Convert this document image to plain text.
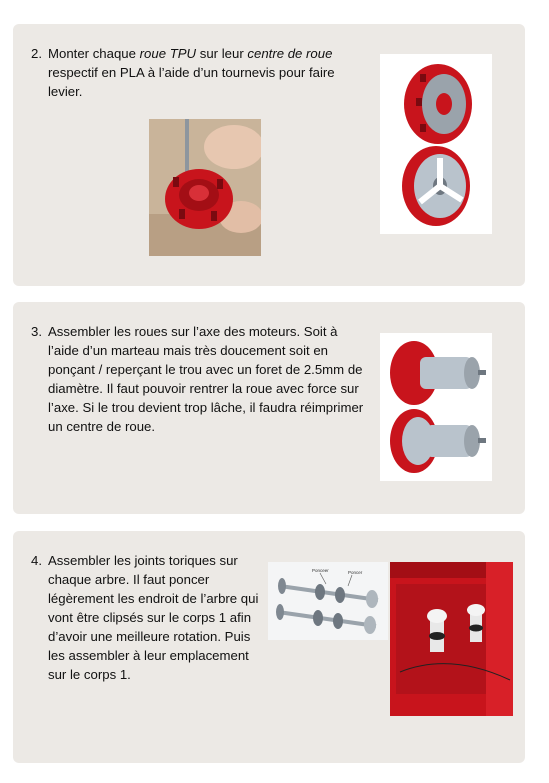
2. Monter chaque roue TPU sur leur centre de roue respectif en PLA à l’aide d’un tournevis pour faire levier.
3. Assembler les roues sur l’axe des moteurs. Soit à l’aide d’un marteau mais très doucement soit en ponçant / reperçant le trou avec un foret de 2.5mm de diamètre. Il faut pouvoir rentrer la roue avec force sur l’axe. Si le trou devient trop lâche, il faudra réimprimer un centre de roue.
4. Assembler les joints toriques sur chaque arbre. Il faut poncer légèrement les endroit de l’arbre qui vont être clipsés sur le corps 1 afin d’avoir une meilleure rotation. Puis les assembler à leur emplacement sur le corps 1.
Ponceer	Poncer
